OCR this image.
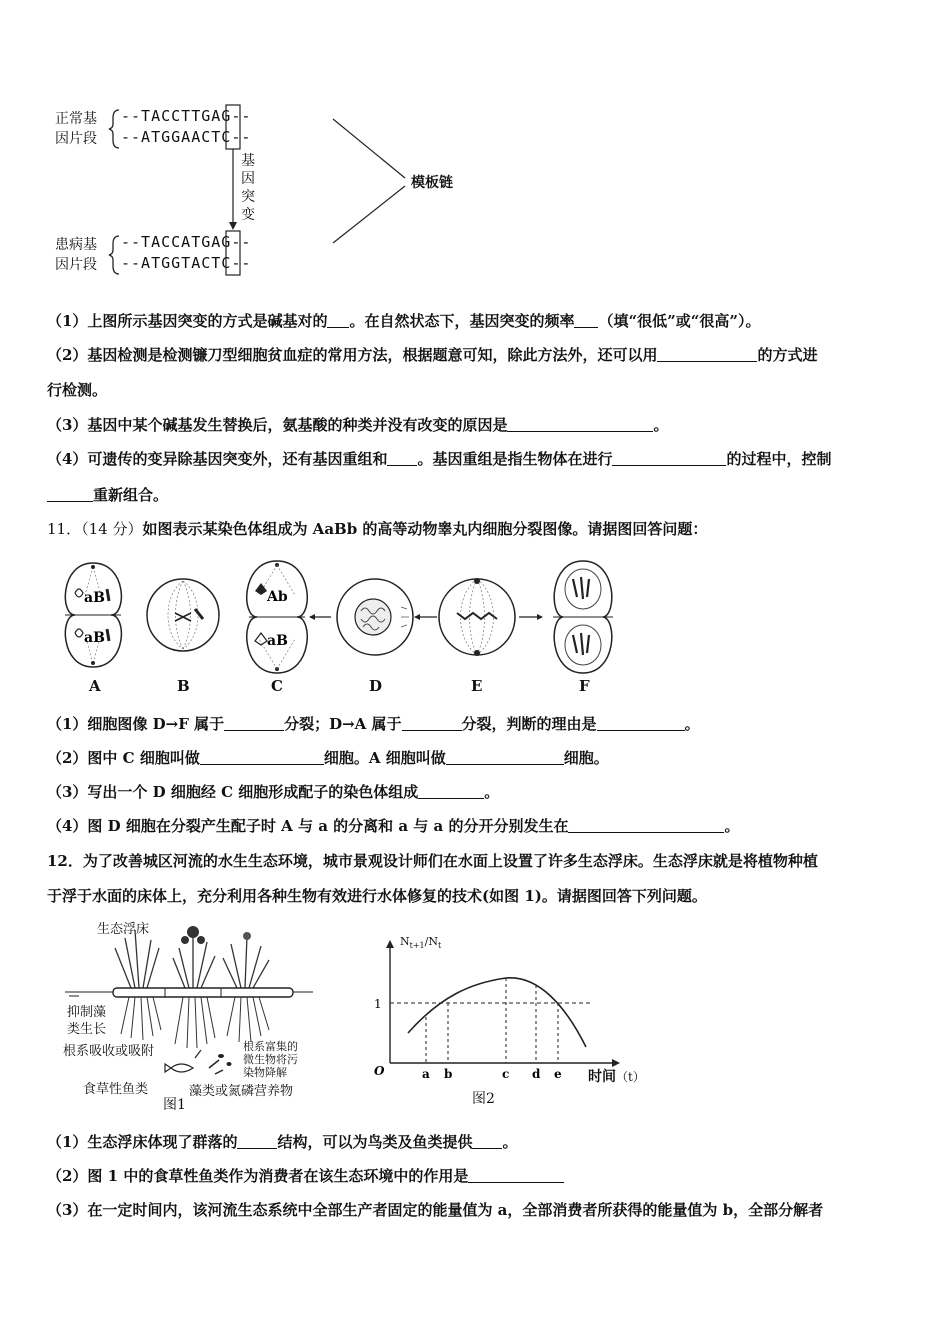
正常基
因片段
--TACCTTGAG--
--ATGGAACTC--
患病基
因片段
--TACCATGAG--
--ATGGTACTC--
基
因
突
变
模板链
（1）上图所示基因突变的方式是碱基对的 。在自然状态下，基因突变的频率 （填“很低”或“很高”）。
（2）基因检测是检测镰刀型细胞贫血症的常用方法，根据题意可知，除此方法外，还可以用	的方式进
行检测。
（3）基因中某个碱基发生替换后，氨基酸的种类并没有改变的原因是	。
（4）可遗传的变异除基因突变外，还有基因重组和 。基因重组是指生物体在进行	的过程中，控制
重新组合。
11．（14 分）如图表示某染色体组成为 AaBb 的高等动物睾丸内细胞分裂图像。请据图回答问题：
aB
aB
Ab
aB
A	B	C	D	E	F
（1）细胞图像 D→F 属于	分裂；D→A 属于	分裂，判断的理由是	。
（2）图中 C 细胞叫做	细胞。A 细胞叫做	细胞。
（3）写出一个 D 细胞经 C 细胞形成配子的染色体组成	。
（4）图 D 细胞在分裂产生配子时 A 与 a 的分离和 a 与 a 的分开分别发生在	。
12．为了改善城区河流的水生生态环境，城市景观设计师们在水面上设置了许多生态浮床。生态浮床就是将植物种植
于浮于水面的床体上，充分利用各种生物有效进行水体修复的技术(如图 1)。请据图回答下列问题。
生态浮床
抑制藻
类生长
根系吸收或吸附	根系富集的
微生物将污
染物降解
食草性鱼类	藻类或氮磷营养物
图1
1
O	a b	c d e
$N_{t+1}/N_t$
时间（t）
图2
（1）生态浮床体现了群落的	结构，可以为鸟类及鱼类提供 。
（2）图 1 中的食草性鱼类作为消费者在该生态环境中的作用是
（3）在一定时间内，该河流生态系统中全部生产者固定的能量值为 a，全部消费者所获得的能量值为 b，全部分解者
